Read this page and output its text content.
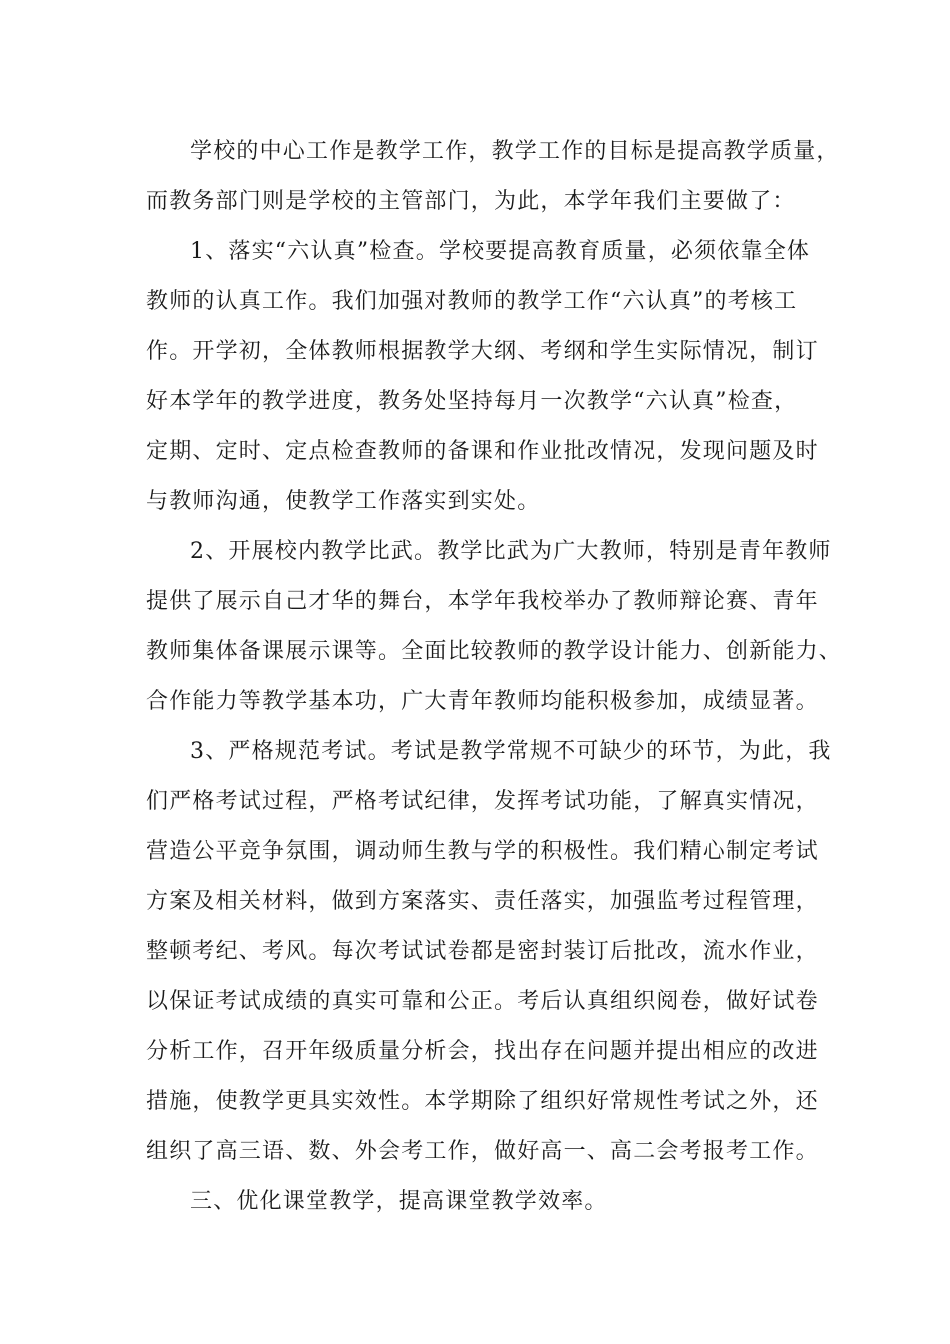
学校的中心工作是教学工作，教学工作的目标是提高教学质量，
而教务部门则是学校的主管部门，为此，本学年我们主要做了：
1、落实“六认真”检查。学校要提高教育质量，必须依靠全体
教师的认真工作。我们加强对教师的教学工作“六认真”的考核工
作。开学初，全体教师根据教学大纲、考纲和学生实际情况，制订
好本学年的教学进度，教务处坚持每月一次教学“六认真”检查，
定期、定时、定点检查教师的备课和作业批改情况，发现问题及时
与教师沟通，使教学工作落实到实处。
2、开展校内教学比武。教学比武为广大教师，特别是青年教师
提供了展示自己才华的舞台，本学年我校举办了教师辩论赛、青年
教师集体备课展示课等。全面比较教师的教学设计能力、创新能力、
合作能力等教学基本功，广大青年教师均能积极参加，成绩显著。
3、严格规范考试。考试是教学常规不可缺少的环节，为此，我
们严格考试过程，严格考试纪律，发挥考试功能，了解真实情况，
营造公平竞争氛围，调动师生教与学的积极性。我们精心制定考试
方案及相关材料，做到方案落实、责任落实，加强监考过程管理，
整顿考纪、考风。每次考试试卷都是密封装订后批改，流水作业，
以保证考试成绩的真实可靠和公正。考后认真组织阅卷，做好试卷
分析工作，召开年级质量分析会，找出存在问题并提出相应的改进
措施，使教学更具实效性。本学期除了组织好常规性考试之外，还
组织了高三语、数、外会考工作，做好高一、高二会考报考工作。
三、优化课堂教学，提高课堂教学效率。
